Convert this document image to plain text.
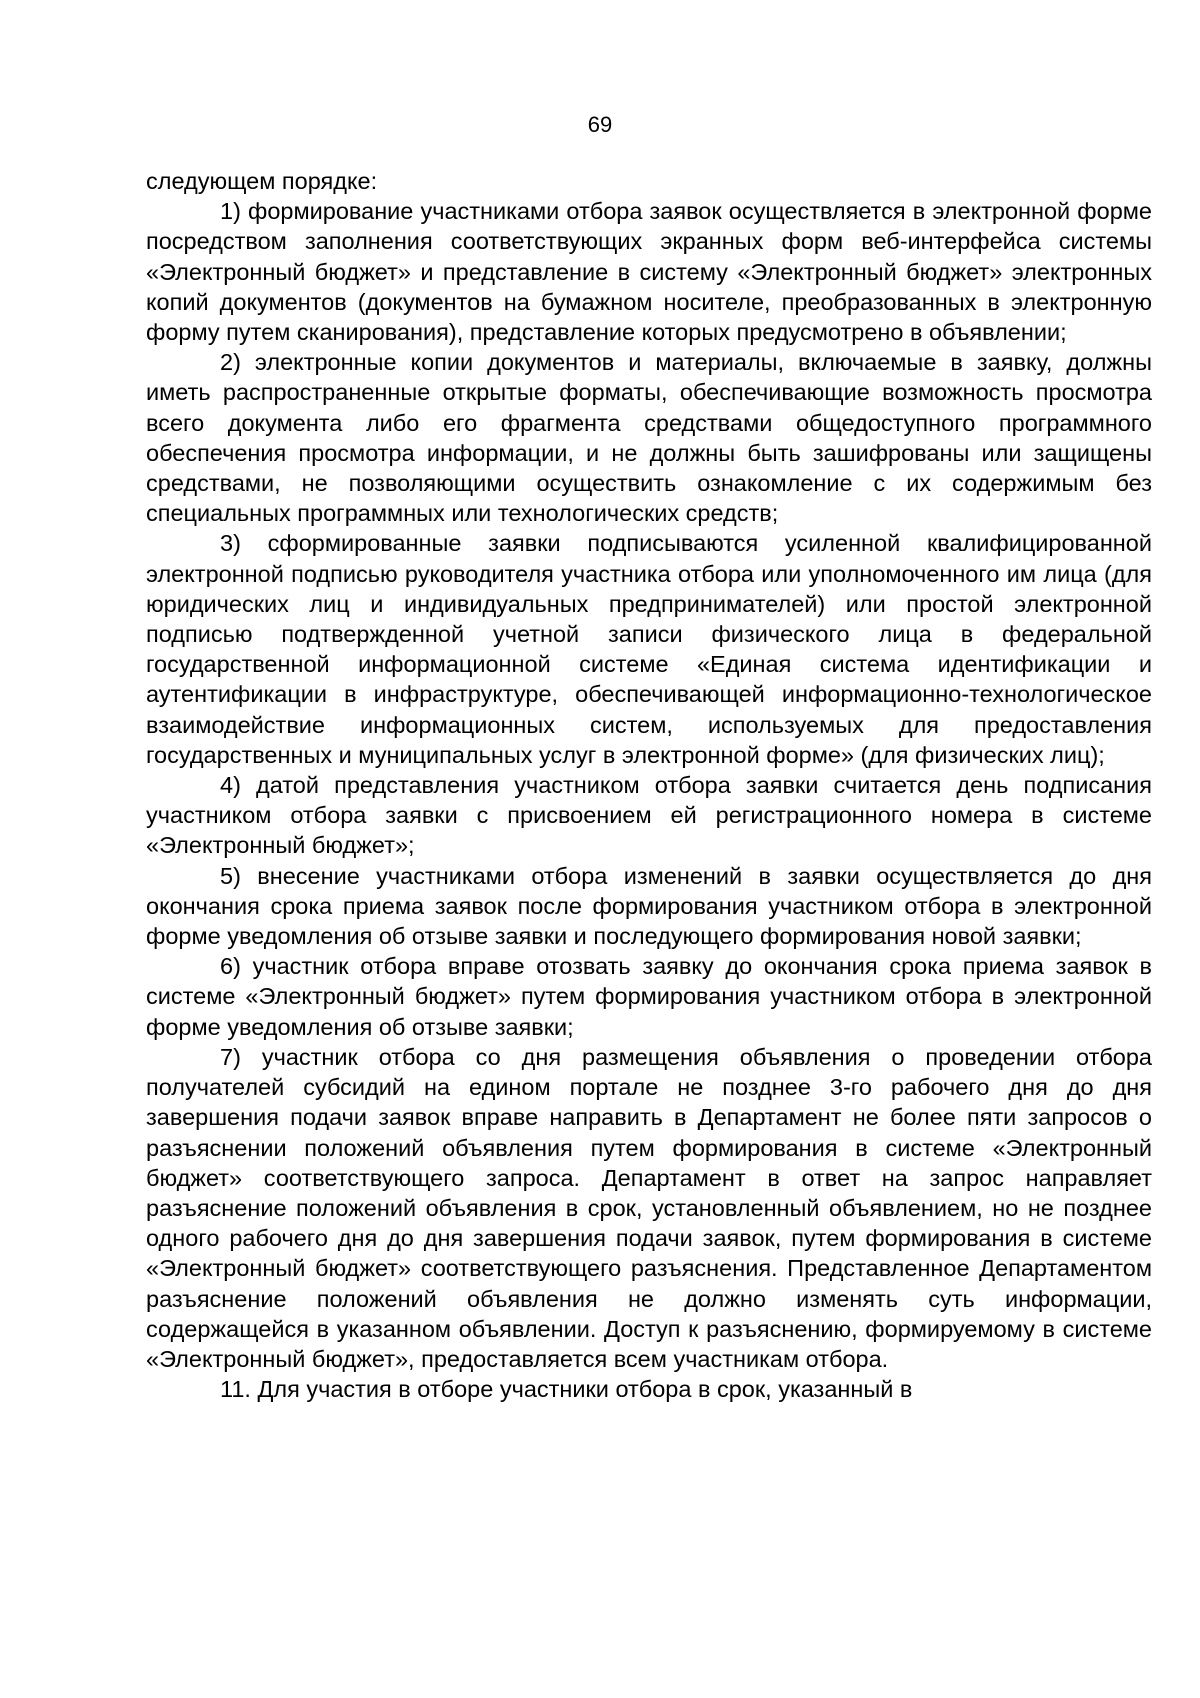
69

следующем порядке:

1) формирование участниками отбора заявок осуществляется в электронной форме посредством заполнения соответствующих экранных форм веб-интерфейса системы «Электронный бюджет» и представление в систему «Электронный бюджет» электронных копий документов (документов на бумажном носителе, преобразованных в электронную форму путем сканирования), представление которых предусмотрено в объявлении;

2) электронные копии документов и материалы, включаемые в заявку, должны иметь распространенные открытые форматы, обеспечивающие возможность просмотра всего документа либо его фрагмента средствами общедоступного программного обеспечения просмотра информации, и не должны быть зашифрованы или защищены средствами, не позволяющими осуществить ознакомление с их содержимым без специальных программных или технологических средств;

3) сформированные заявки подписываются усиленной квалифицированной электронной подписью руководителя участника отбора или уполномоченного им лица (для юридических лиц и индивидуальных предпринимателей) или простой электронной подписью подтвержденной учетной записи физического лица в федеральной государственной информационной системе «Единая система идентификации и аутентификации в инфраструктуре, обеспечивающей информационно-технологическое взаимодействие информационных систем, используемых для предоставления государственных и муниципальных услуг в электронной форме» (для физических лиц);

4) датой представления участником отбора заявки считается день подписания участником отбора заявки с присвоением ей регистрационного номера в системе «Электронный бюджет»;

5) внесение участниками отбора изменений в заявки осуществляется до дня окончания срока приема заявок после формирования участником отбора в электронной форме уведомления об отзыве заявки и последующего формирования новой заявки;

6) участник отбора вправе отозвать заявку до окончания срока приема заявок в системе «Электронный бюджет» путем формирования участником отбора в электронной форме уведомления об отзыве заявки;

7) участник отбора со дня размещения объявления о проведении отбора получателей субсидий на едином портале не позднее 3-го рабочего дня до дня завершения подачи заявок вправе направить в Департамент не более пяти запросов о разъяснении положений объявления путем формирования в системе «Электронный бюджет» соответствующего запроса. Департамент в ответ на запрос направляет разъяснение положений объявления в срок, установленный объявлением, но не позднее одного рабочего дня до дня завершения подачи заявок, путем формирования в системе «Электронный бюджет» соответствующего разъяснения. Представленное Департаментом разъяснение положений объявления не должно изменять суть информации, содержащейся в указанном объявлении. Доступ к разъяснению, формируемому в системе «Электронный бюджет», предоставляется всем участникам отбора.

11. Для участия в отборе участники отбора в срок, указанный в
